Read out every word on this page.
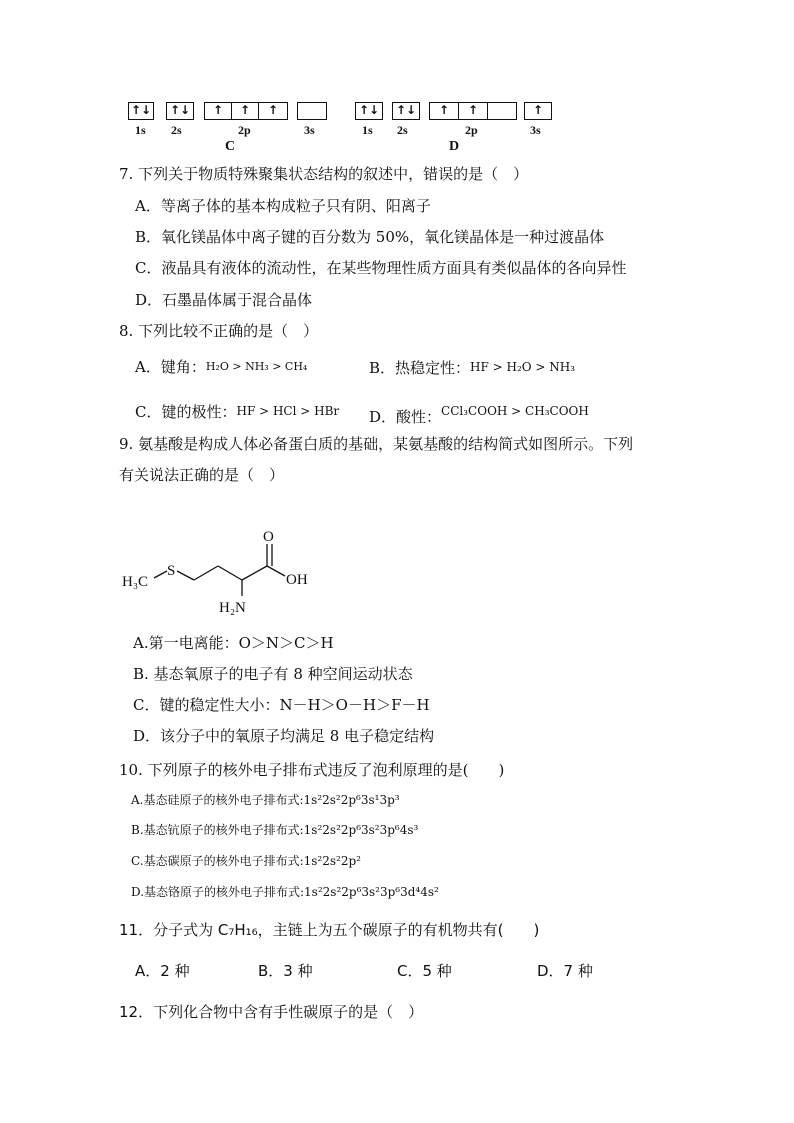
↑↓	↑↓	↑	↑	↑
1s 2s	2p	3s
C
↑↓	↑↓	↑	↑	↑
1s 2s	2p	3s
D
7. 下列关于物质特殊聚集状态结构的叙述中，错误的是（　）
A．等离子体的基本构成粒子只有阴、阳离子
B．氧化镁晶体中离子键的百分数为 50%，氧化镁晶体是一种过渡晶体
C．液晶具有液体的流动性，在某些物理性质方面具有类似晶体的各向异性
D．石墨晶体属于混合晶体
8. 下列比较不正确的是（　）
A．键角：H₂O > NH₃ > CH₄	B．热稳定性：HF > H₂O > NH₃
C．键的极性：HF > HCl > HBr D．酸性：$^{CCl_3COOH > CH_3COOH}$
9. 氨基酸是构成人体必备蛋白质的基础，某氨基酸的结构简式如图所示。下列
有关说法正确的是（　）
H₃C
S
O
OH
H₂N
A.第一电离能：O＞N＞C＞H
B. 基态氧原子的电子有 8 种空间运动状态
C．键的稳定性大小：N－H＞O－H＞F－H
D．该分子中的氧原子均满足 8 电子稳定结构
10. 下列原子的核外电子排布式违反了泡利原理的是(　　)
A.基态硅原子的核外电子排布式:1s²2s²2p⁶3s¹3p³
B.基态钪原子的核外电子排布式:1s²2s²2p⁶3s²3p⁶4s³
C.基态碳原子的核外电子排布式:1s²2s²2p²
D.基态铬原子的核外电子排布式:1s²2s²2p⁶3s²3p⁶3d⁴4s²
11．分子式为 C₇H₁₆，主链上为五个碳原子的有机物共有(　　)
A．2 种	B．3 种	C．5 种	D．7 种
12．下列化合物中含有手性碳原子的是（　）
